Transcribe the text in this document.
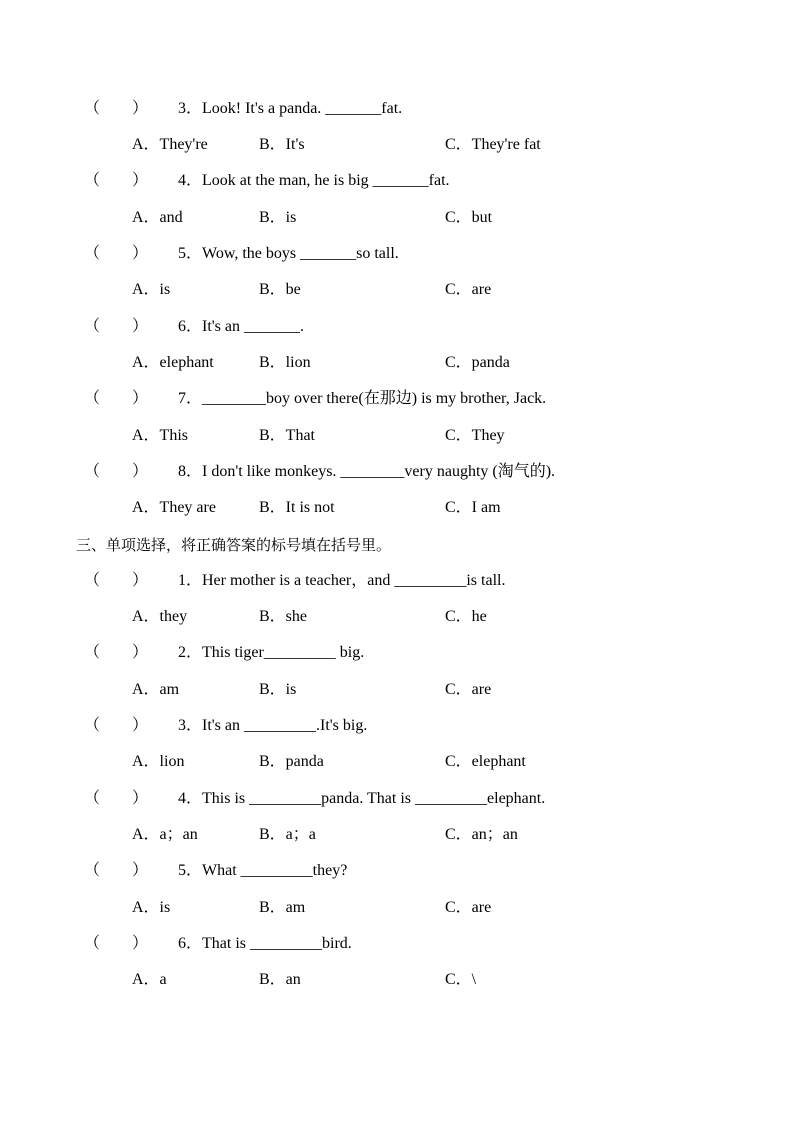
（ ） 3．Look! It's a panda. _______fat.
A．They're	B．It's	C．They're fat
（ ） 4．Look at the man, he is big _______fat.
A．and	B．is	C．but
（ ） 5．Wow, the boys _______so tall.
A．is	B．be	C．are
（ ） 6．It's an _______.
A．elephant	B．lion	C．panda
（ ） 7．________boy over there(在那边) is my brother, Jack.
A．This	B．That	C．They
（ ） 8．I don't like monkeys. ________very naughty (淘气的).
A．They are	B．It is not	C．I am
三、单项选择，将正确答案的标号填在括号里。
（ ） 1．Her mother is a teacher，and _________is tall.
A．they	B．she	C．he
（ ） 2．This tiger_________ big.
A．am	B．is	C．are
（ ） 3．It's an _________.It's big.
A．lion	B．panda	C．elephant
（ ） 4．This is _________panda. That is _________elephant.
A．a；an	B．a；a	C．an；an
（ ） 5．What _________they?
A．is	B．am	C．are
（ ） 6．That is _________bird.
A．a	B．an	C．\
